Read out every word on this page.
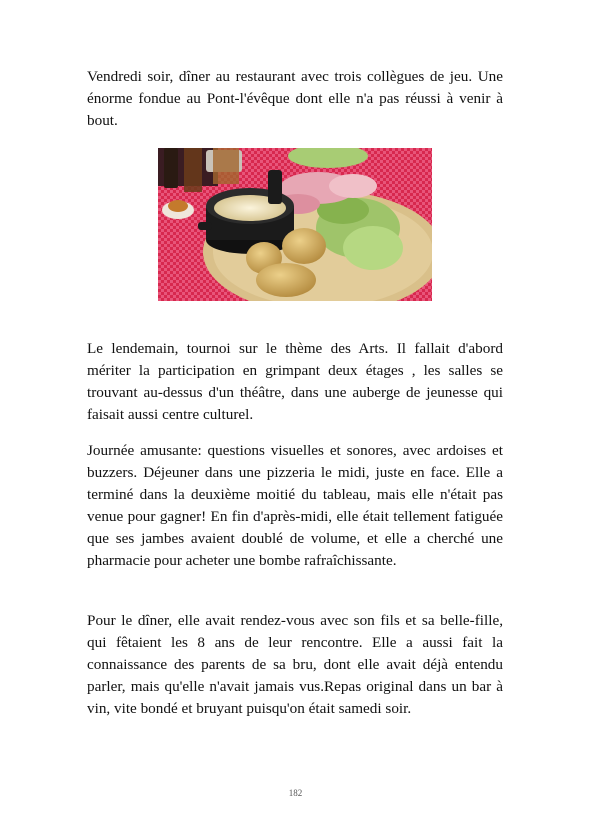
Vendredi soir, dîner au restaurant avec trois collègues de jeu. Une énorme fondue au Pont-l'évêque dont elle n'a pas réussi à venir à bout.

Le lendemain, tournoi sur le thème des Arts. Il fallait d'abord mériter la participation en grimpant deux étages , les salles se trouvant au-dessus d'un théâtre, dans une auberge de jeunesse qui faisait aussi centre culturel.

Journée amusante: questions visuelles et sonores, avec ardoises et buzzers. Déjeuner dans une pizzeria le midi, juste en face. Elle a terminé dans la deuxième moitié du tableau, mais elle n'était pas venue pour gagner! En fin d'après-midi, elle était tellement fatiguée que ses jambes avaient doublé de volume, et elle a cherché une pharmacie pour acheter une bombe rafraîchissante.

Pour le dîner, elle avait rendez-vous avec son fils et sa belle-fille, qui fêtaient les 8 ans de leur rencontre. Elle a aussi fait la connaissance des parents de sa bru, dont elle avait déjà entendu parler, mais qu'elle n'avait jamais vus.Repas original dans un bar à vin, vite bondé et bruyant puisqu'on était samedi soir.

182
